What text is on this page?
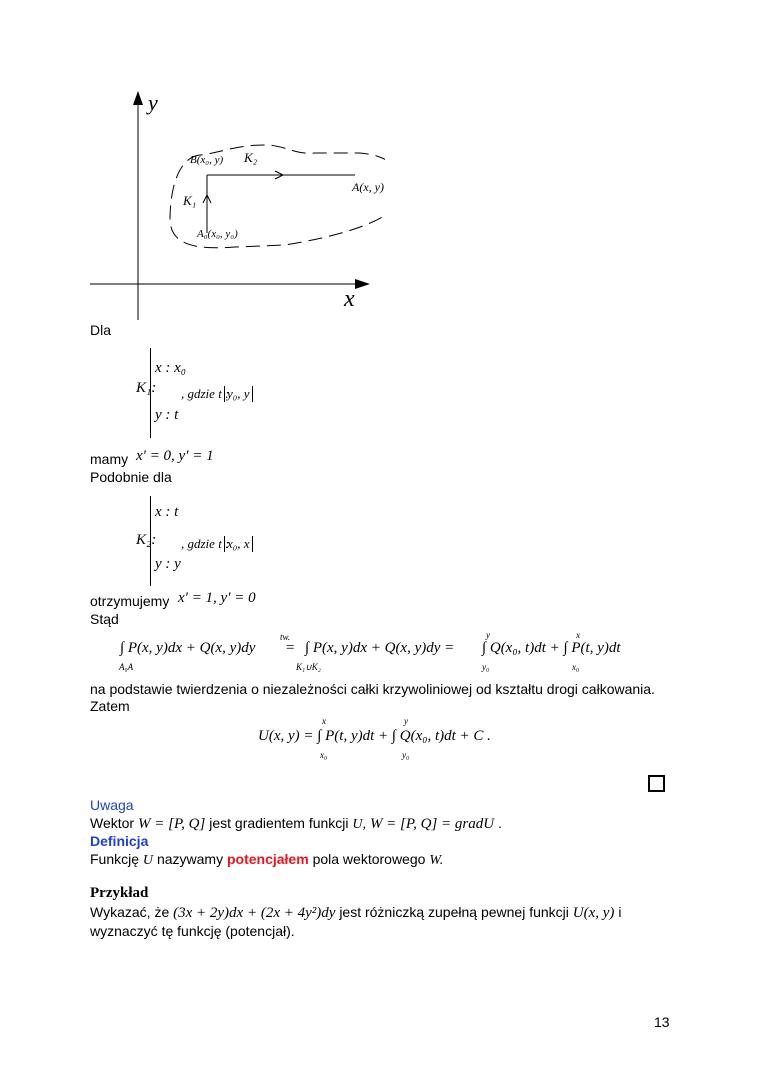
y
x
B(x₀, y) K₂
A(x, y)
K₁
A₀(x₀, y₀)
Dla
K₁:
x : x₀
y : t
, gdzie t :
y₀, y
mamy x′ = 0, y′ = 1
Podobnie dla
K₂:
x : t
y : y
, gdzie t :
x₀, x
otrzymujemy x′ = 1, y′ = 0
Stąd
∫ P(x, y)dx + Q(x, y)dy
A₀A
tw.
= ∫ P(x, y)dx + Q(x, y)dy =
K₁∪K₂
y
y₀
∫ Q(x₀, t)dt + ∫ P(t, y)dt
x
x₀
na podstawie twierdzenia o niezależności całki krzywoliniowej od kształtu drogi całkowania.
Zatem
x	y
U(x, y) = ∫ P(t, y)dt + ∫ Q(x₀, t)dt + C .
x₀	y₀
Uwaga
Wektor W = [P, Q] jest gradientem funkcji U, W = [P, Q] = gradU .
Definicja
Funkcję U nazywamy potencjałem pola wektorowego W.
Przykład
Wykazać, że (3x + 2y)dx + (2x + 4y²)dy jest różniczką zupełną pewnej funkcji U(x, y) i
wyznaczyć tę funkcję (potencjał).
13
